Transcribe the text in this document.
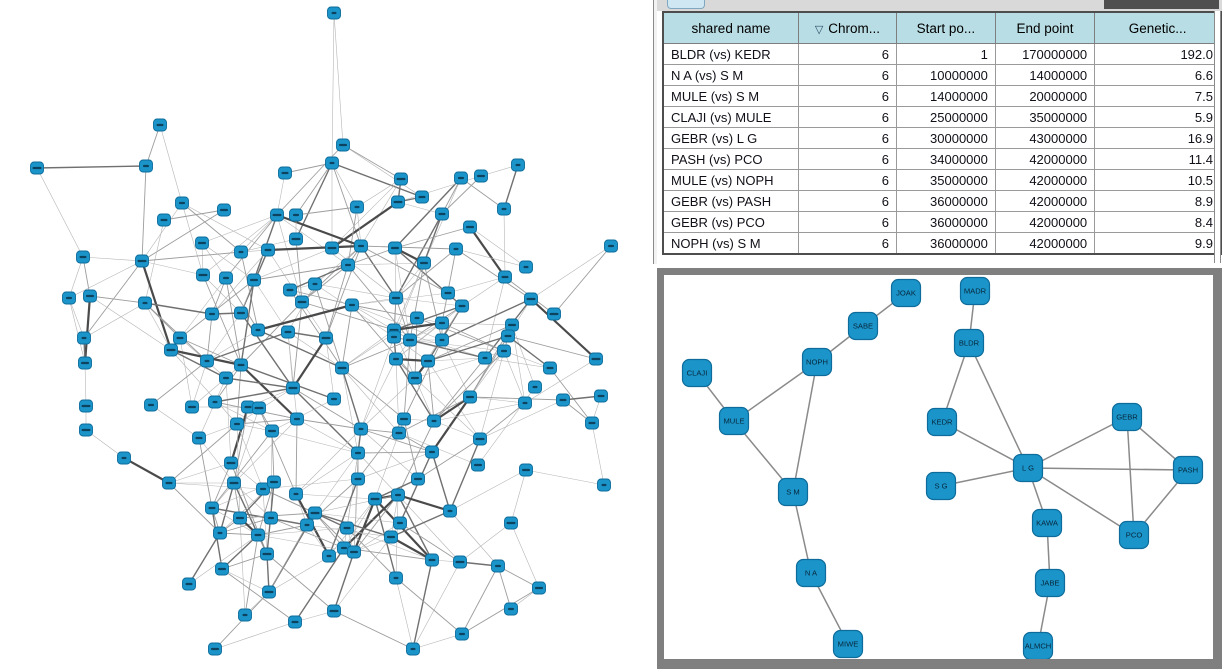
shared name	▽ Chrom...	Start po...	End point	Genetic...
BLDR (vs) KEDR	6	1	170000000	192.0
N A (vs) S M	6	10000000	14000000	6.6
MULE (vs) S M	6	14000000	20000000	7.5
CLAJI (vs) MULE	6	25000000	35000000	5.9
GEBR (vs) L G	6	30000000	43000000	16.9
PASH (vs) PCO	6	34000000	42000000	11.4
MULE (vs) NOPH	6	35000000	42000000	10.5
GEBR (vs) PASH	6	36000000	42000000	8.9
GEBR (vs) PCO	6	36000000	42000000	8.4
NOPH (vs) S M	6	36000000	42000000	9.9
JOAK
SABE
NOPH
CLAJI
MULE
S M
N A
MIWE
MADR
BLDR
KEDR
GEBR
L G
S G
PASH
KAWA
PCO
JABE
ALMCH
